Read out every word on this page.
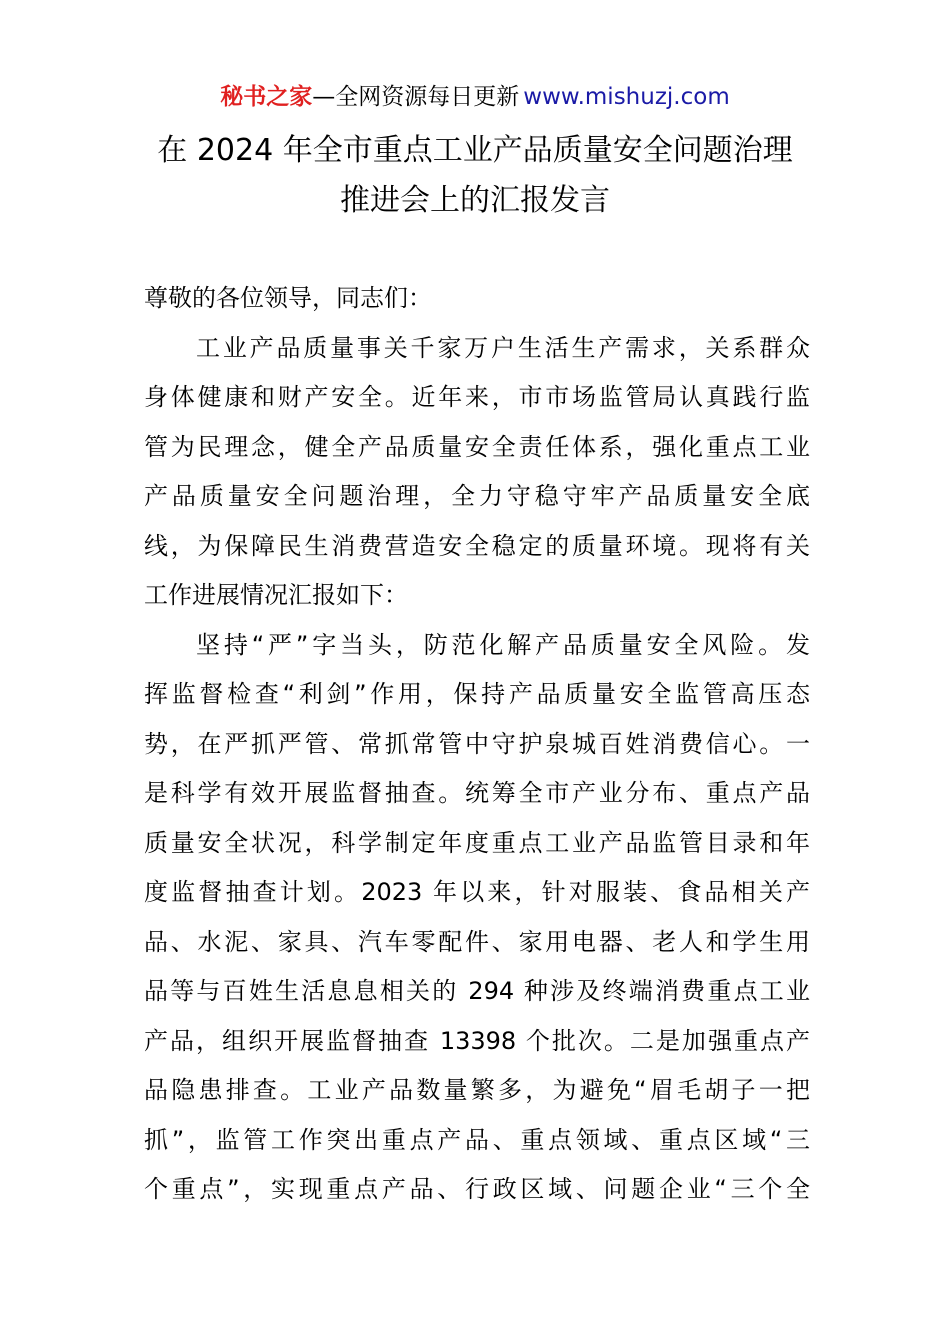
秘书之家—全网资源每日更新 www.mishuzj.com
在 2024 年全市重点工业产品质量安全问题治理
推进会上的汇报发言
尊敬的各位领导，同志们：
工业产品质量事关千家万户生活生产需求，关系群众
身体健康和财产安全。近年来，市市场监管局认真践行监
管为民理念，健全产品质量安全责任体系，强化重点工业
产品质量安全问题治理，全力守稳守牢产品质量安全底
线，为保障民生消费营造安全稳定的质量环境。现将有关
工作进展情况汇报如下：
坚持“严”字当头，防范化解产品质量安全风险。发
挥监督检查“利剑”作用，保持产品质量安全监管高压态
势，在严抓严管、常抓常管中守护泉城百姓消费信心。一
是科学有效开展监督抽查。统筹全市产业分布、重点产品
质量安全状况，科学制定年度重点工业产品监管目录和年
度监督抽查计划。2023 年以来，针对服装、食品相关产
品、水泥、家具、汽车零配件、家用电器、老人和学生用
品等与百姓生活息息相关的 294 种涉及终端消费重点工业
产品，组织开展监督抽查 13398 个批次。二是加强重点产
品隐患排查。工业产品数量繁多，为避免“眉毛胡子一把
抓”，监管工作突出重点产品、重点领域、重点区域“三
个重点”，实现重点产品、行政区域、问题企业“三个全
